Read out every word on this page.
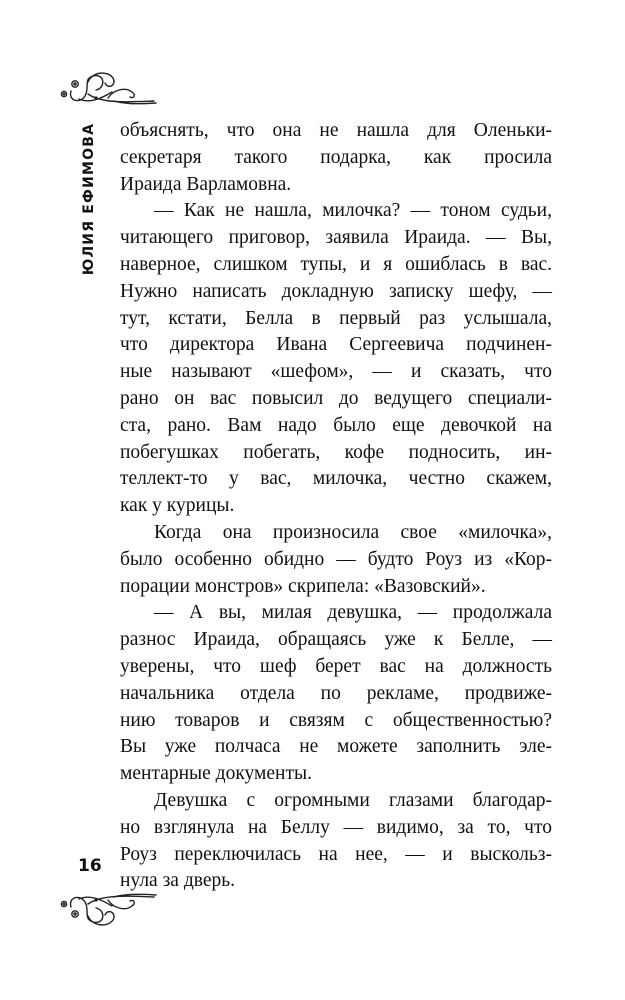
ЮЛИЯ ЕФИМОВА объяснять, что она не нашла для Оленьки-
секретаря такого подарка, как просила
Ираида Варламовна.
— Как не нашла, милочка? — тоном судьи,
читающего приговор, заявила Ираида. — Вы,
наверное, слишком тупы, и я ошиблась в вас.
Нужно написать докладную записку шефу, —
тут, кстати, Белла в первый раз услышала,
что директора Ивана Сергеевича подчинен-
ные называют «шефом», — и сказать, что
рано он вас повысил до ведущего специали-
ста, рано. Вам надо было еще девочкой на
побегушках побегать, кофе подносить, ин-
теллект-то у вас, милочка, честно скажем,
как у курицы.
Когда она произносила свое «милочка»,
было особенно обидно — будто Роуз из «Кор-
порации монстров» скрипела: «Вазовский».
— А вы, милая девушка, — продолжала
разнос Ираида, обращаясь уже к Белле, —
уверены, что шеф берет вас на должность
начальника отдела по рекламе, продвиже-
нию товаров и связям с общественностью?
Вы уже полчаса не можете заполнить эле-
ментарные документы.
Девушка с огромными глазами благодар-
но взглянула на Беллу — видимо, за то, что
Роуз переключилась на нее, — и выскольз-
нула за дверь.
16
